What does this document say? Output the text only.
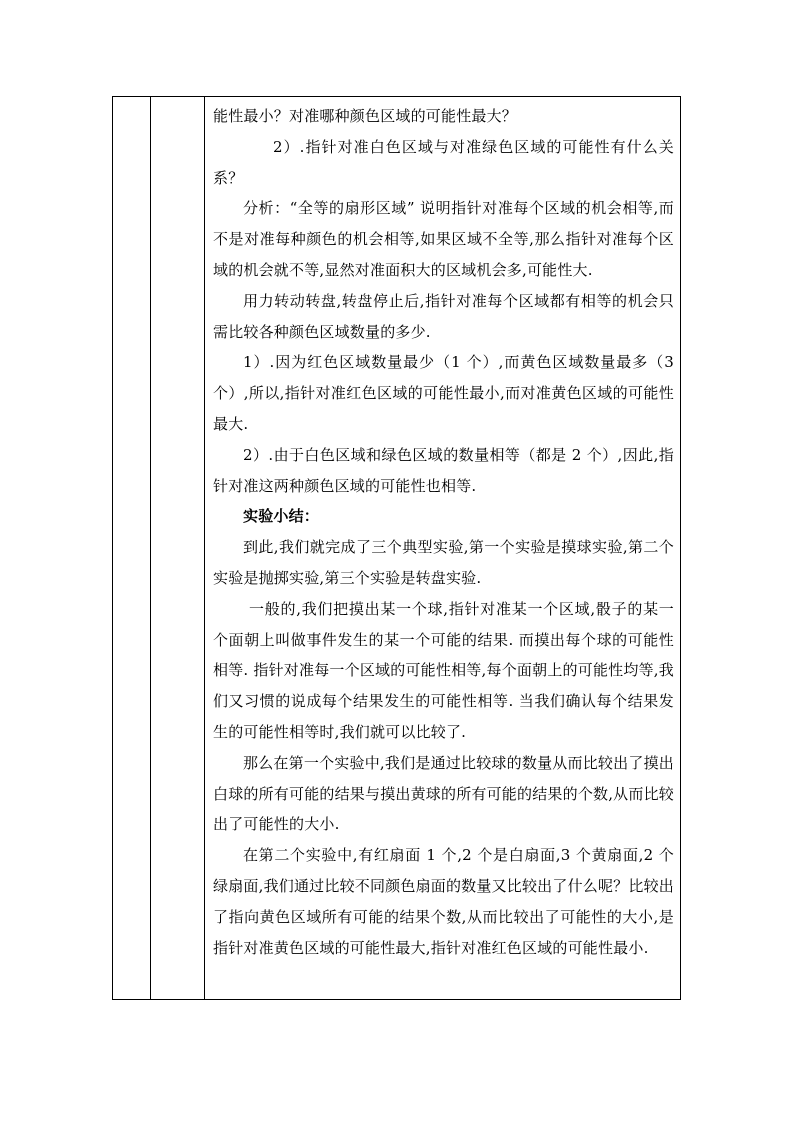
能性最小？对准哪种颜色区域的可能性最大？

2）.指针对准白色区域与对准绿色区域的可能性有什么关系？

分析：“全等的扇形区域” 说明指针对准每个区域的机会相等,而不是对准每种颜色的机会相等,如果区域不全等,那么指针对准每个区域的机会就不等,显然对准面积大的区域机会多,可能性大.

用力转动转盘,转盘停止后,指针对准每个区域都有相等的机会只需比较各种颜色区域数量的多少.

1）.因为红色区域数量最少（1 个）,而黄色区域数量最多（3 个）,所以,指针对准红色区域的可能性最小,而对准黄色区域的可能性最大.

2）.由于白色区域和绿色区域的数量相等（都是 2 个）,因此,指针对准这两种颜色区域的可能性也相等.

实验小结：

到此,我们就完成了三个典型实验,第一个实验是摸球实验,第二个实验是抛掷实验,第三个实验是转盘实验.

一般的,我们把摸出某一个球,指针对准某一个区域,骰子的某一个面朝上叫做事件发生的某一个可能的结果. 而摸出每个球的可能性相等. 指针对准每一个区域的可能性相等,每个面朝上的可能性均等,我们又习惯的说成每个结果发生的可能性相等. 当我们确认每个结果发生的可能性相等时,我们就可以比较了.

那么在第一个实验中,我们是通过比较球的数量从而比较出了摸出白球的所有可能的结果与摸出黄球的所有可能的结果的个数,从而比较出了可能性的大小.

在第二个实验中,有红扇面 1 个,2 个是白扇面,3 个黄扇面,2 个绿扇面,我们通过比较不同颜色扇面的数量又比较出了什么呢？比较出了指向黄色区域所有可能的结果个数,从而比较出了可能性的大小,是指针对准黄色区域的可能性最大,指针对准红色区域的可能性最小.
